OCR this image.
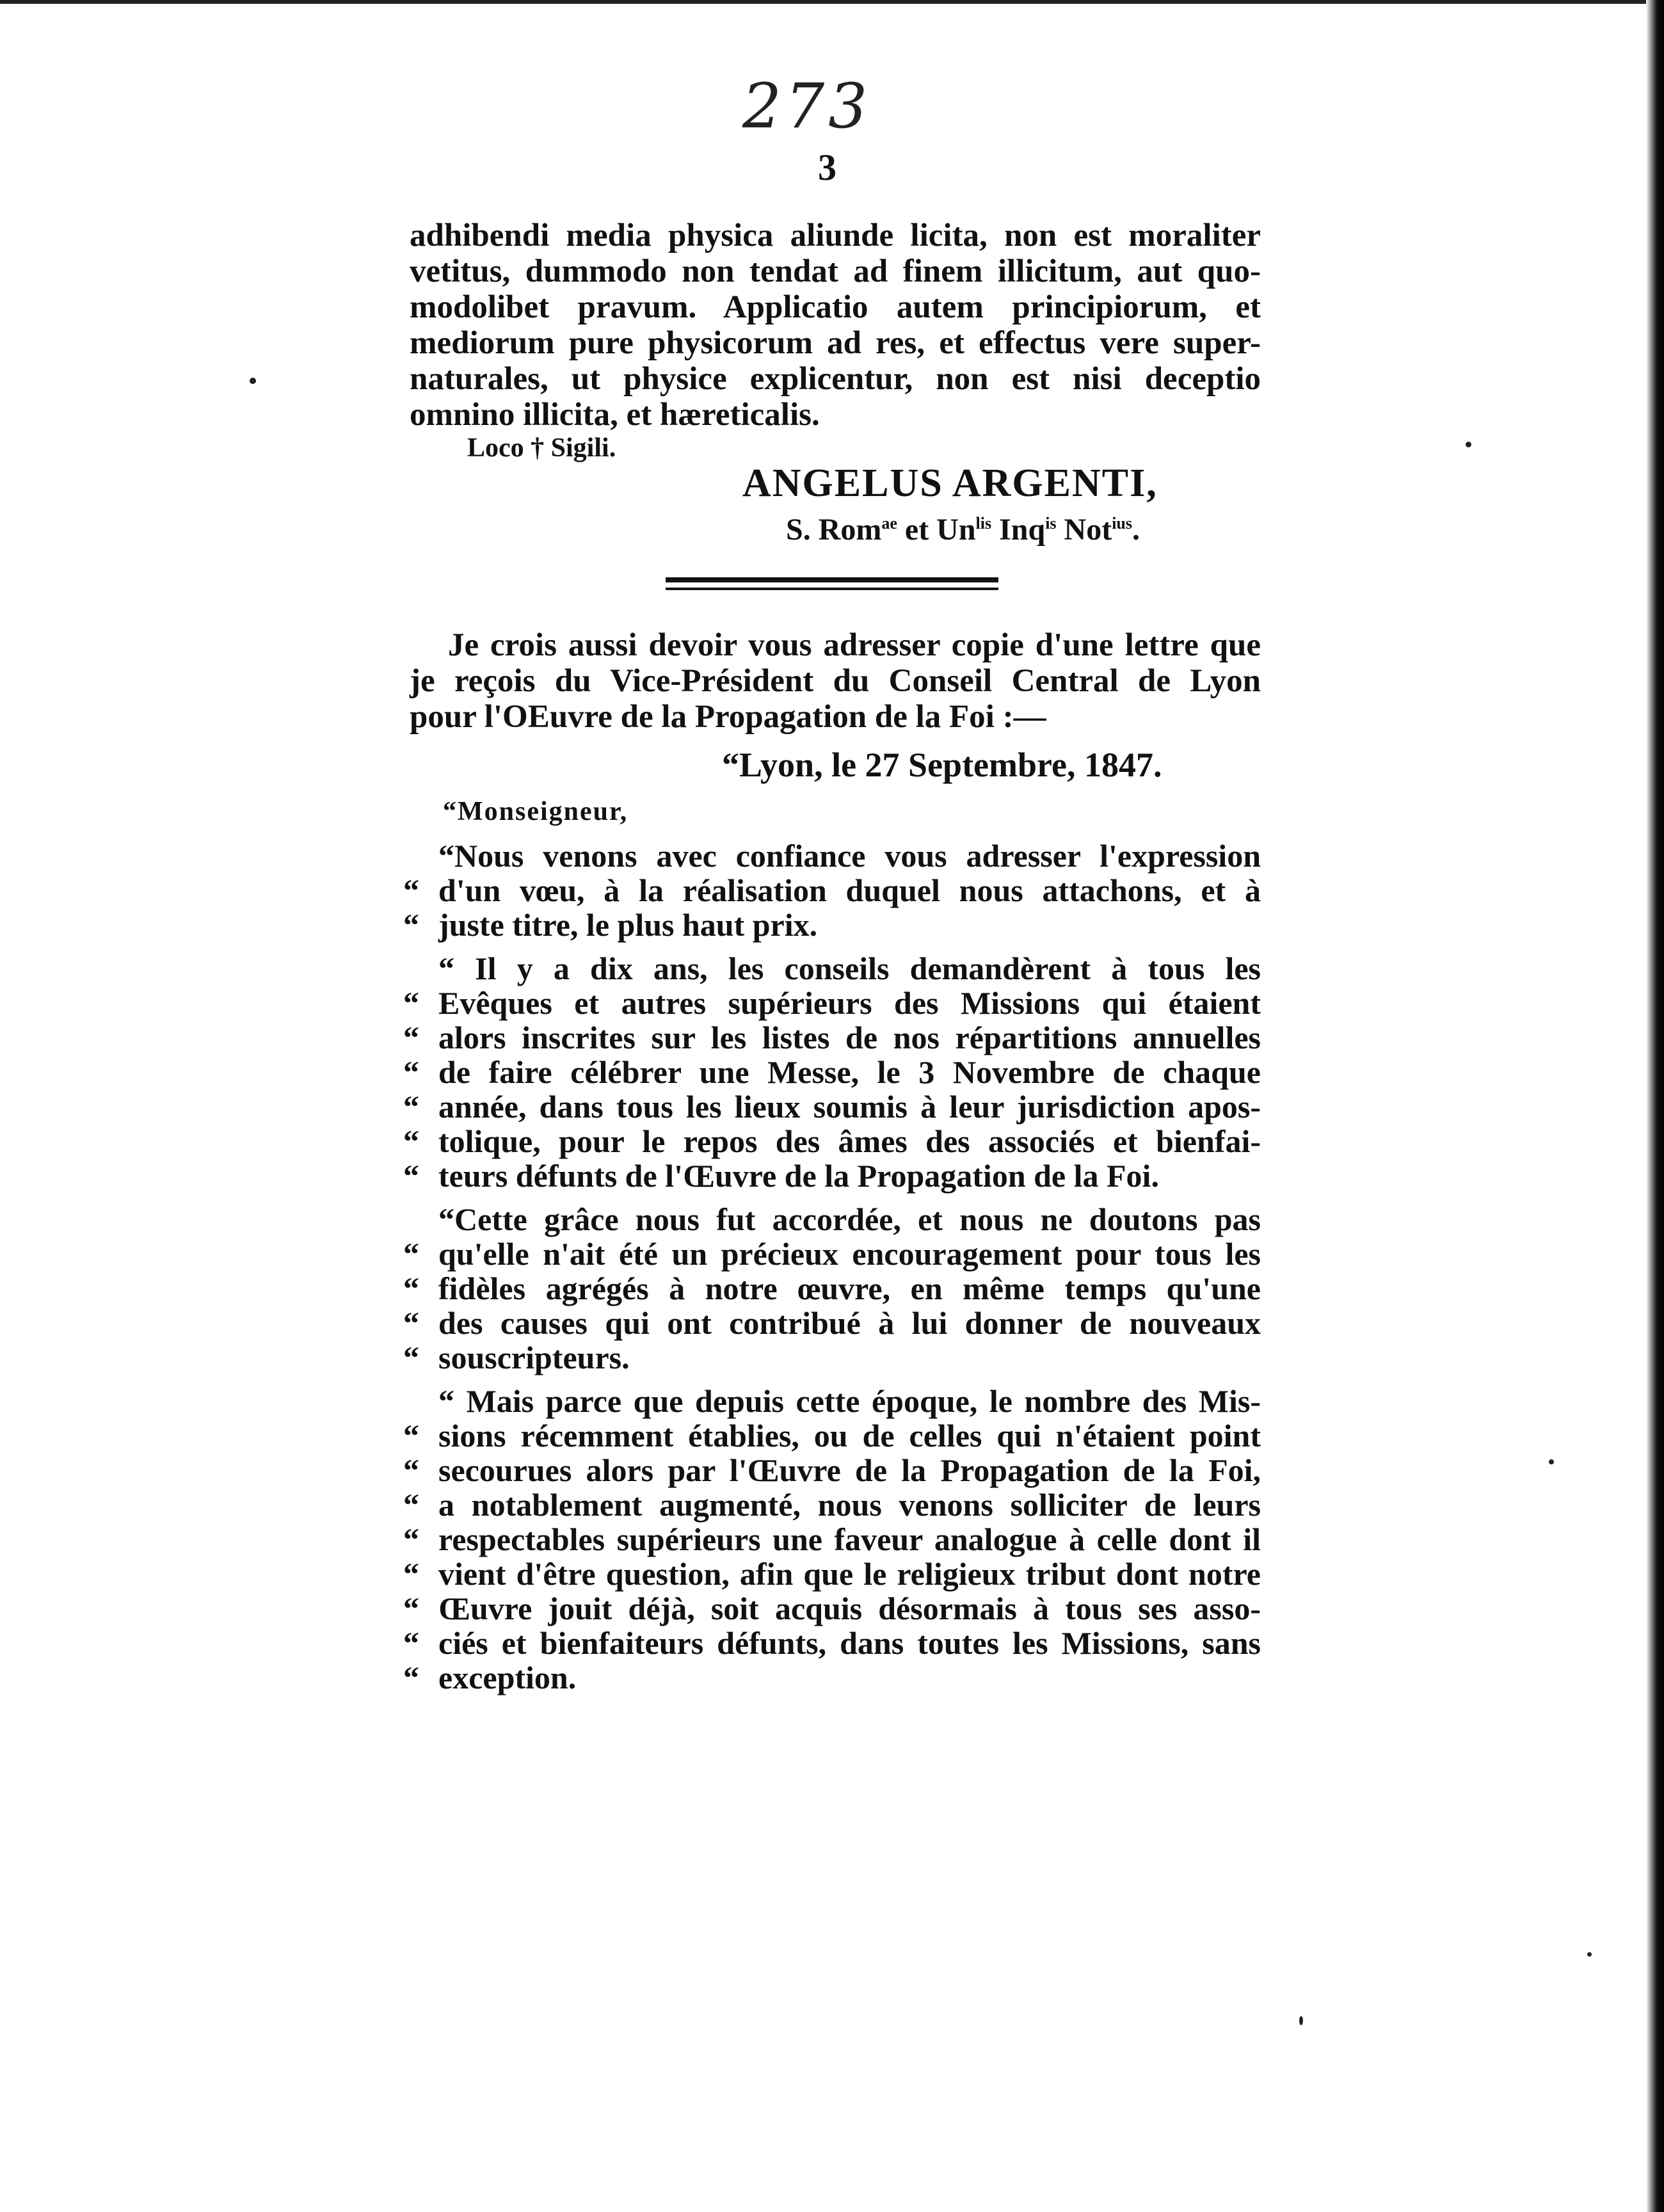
273
3
adhibendi media physica aliunde licita, non est moraliter
vetitus, dummodo non tendat ad finem illicitum, aut quo-
modolibet pravum. Applicatio autem principiorum, et
mediorum pure physicorum ad res, et effectus vere super-
naturales, ut physice explicentur, non est nisi deceptio
omnino illicita, et hæreticalis.
Loco † Sigili.
ANGELUS ARGENTI,
S. Rom$^{ae}$ et $Un^{lis}$ Inq$^{is}$ Not$^{ius}$.
Je crois aussi devoir vous adresser copie d'une lettre que
je reçois du Vice-Président du Conseil Central de Lyon
pour l'OEuvre de la Propagation de la Foi :—
“Lyon, le 27 Septembre, 1847.
“Monseigneur,
“Nous venons avec confiance vous adresser l'expression
“ d'un vœu, à la réalisation duquel nous attachons, et à
“ juste titre, le plus haut prix.
“ Il y a dix ans, les conseils demandèrent à tous les
“ Evêques et autres supérieurs des Missions qui étaient
“ alors inscrites sur les listes de nos répartitions annuelles
“ de faire célébrer une Messe, le 3 Novembre de chaque
“ année, dans tous les lieux soumis à leur jurisdiction apos-
“ tolique, pour le repos des âmes des associés et bienfai-
“ teurs défunts de l'Œuvre de la Propagation de la Foi.
“Cette grâce nous fut accordée, et nous ne doutons pas
“ qu'elle n'ait été un précieux encouragement pour tous les
“ fidèles agrégés à notre œuvre, en même temps qu'une
“ des causes qui ont contribué à lui donner de nouveaux
“ souscripteurs.
“ Mais parce que depuis cette époque, le nombre des Mis-
“ sions récemment établies, ou de celles qui n'étaient point
“ secourues alors par l'Œuvre de la Propagation de la Foi,
“ a notablement augmenté, nous venons solliciter de leurs
“ respectables supérieurs une faveur analogue à celle dont il
“ vient d'être question, afin que le religieux tribut dont notre
“ Œuvre jouit déjà, soit acquis désormais à tous ses asso-
“ ciés et bienfaiteurs défunts, dans toutes les Missions, sans
“ exception.
